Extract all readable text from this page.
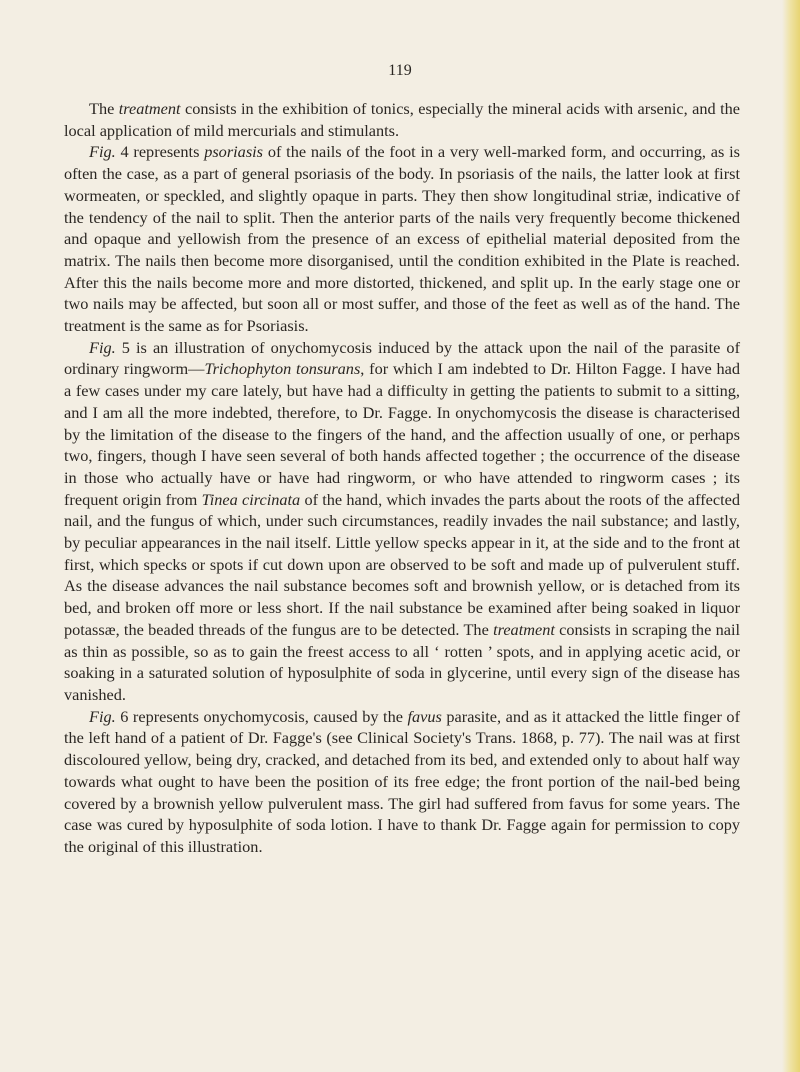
119

The treatment consists in the exhibition of tonics, especially the mineral acids with arsenic, and the local application of mild mercurials and stimulants.

Fig. 4 represents psoriasis of the nails of the foot in a very well-marked form, and occurring, as is often the case, as a part of general psoriasis of the body. In psoriasis of the nails, the latter look at first wormeaten, or speckled, and slightly opaque in parts. They then show longitudinal striæ, indicative of the tendency of the nail to split. Then the anterior parts of the nails very frequently become thickened and opaque and yellowish from the presence of an excess of epithelial material deposited from the matrix. The nails then become more disorganised, until the condition exhibited in the Plate is reached. After this the nails become more and more distorted, thickened, and split up. In the early stage one or two nails may be affected, but soon all or most suffer, and those of the feet as well as of the hand. The treatment is the same as for Psoriasis.

Fig. 5 is an illustration of onychomycosis induced by the attack upon the nail of the parasite of ordinary ringworm—Trichophyton tonsurans, for which I am indebted to Dr. Hilton Fagge. I have had a few cases under my care lately, but have had a difficulty in getting the patients to submit to a sitting, and I am all the more indebted, therefore, to Dr. Fagge. In onychomycosis the disease is characterised by the limitation of the disease to the fingers of the hand, and the affection usually of one, or perhaps two, fingers, though I have seen several of both hands affected together ; the occurrence of the disease in those who actually have or have had ringworm, or who have attended to ringworm cases ; its frequent origin from Tinea circinata of the hand, which invades the parts about the roots of the affected nail, and the fungus of which, under such circumstances, readily invades the nail substance; and lastly, by peculiar appearances in the nail itself. Little yellow specks appear in it, at the side and to the front at first, which specks or spots if cut down upon are observed to be soft and made up of pulverulent stuff. As the disease advances the nail substance becomes soft and brownish yellow, or is detached from its bed, and broken off more or less short. If the nail substance be examined after being soaked in liquor potassæ, the beaded threads of the fungus are to be detected. The treatment consists in scraping the nail as thin as possible, so as to gain the freest access to all ‘ rotten ’ spots, and in applying acetic acid, or soaking in a saturated solution of hyposulphite of soda in glycerine, until every sign of the disease has vanished.

Fig. 6 represents onychomycosis, caused by the favus parasite, and as it attacked the little finger of the left hand of a patient of Dr. Fagge's (see Clinical Society's Trans. 1868, p. 77). The nail was at first discoloured yellow, being dry, cracked, and detached from its bed, and extended only to about half way towards what ought to have been the position of its free edge; the front portion of the nail-bed being covered by a brownish yellow pulverulent mass. The girl had suffered from favus for some years. The case was cured by hyposulphite of soda lotion. I have to thank Dr. Fagge again for permission to copy the original of this illustration.
